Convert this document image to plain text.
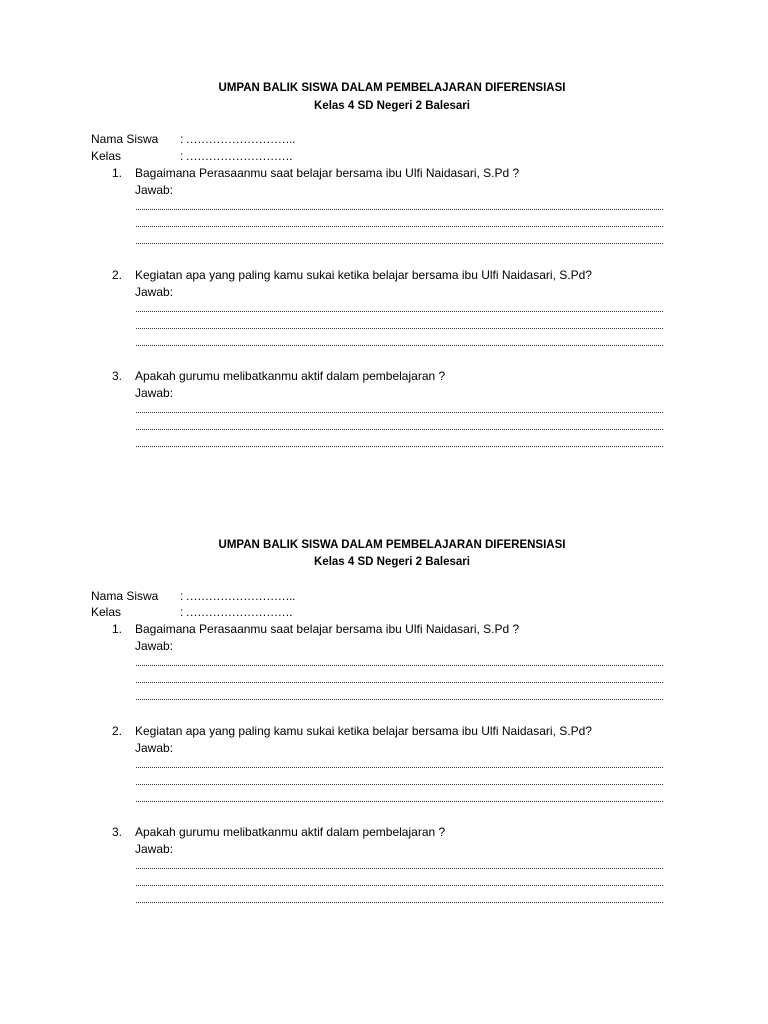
UMPAN BALIK SISWA DALAM PEMBELAJARAN DIFERENSIASI
Kelas 4 SD Negeri 2 Balesari
Nama Siswa : ………………………..
Kelas	: ……………………….
1. Bagaimana Perasaanmu saat belajar bersama ibu Ulfi Naidasari, S.Pd ?
Jawab:
2. Kegiatan apa yang paling kamu sukai ketika belajar bersama ibu Ulfi Naidasari, S.Pd?
Jawab:
3. Apakah gurumu melibatkanmu aktif dalam pembelajaran ?
Jawab:
UMPAN BALIK SISWA DALAM PEMBELAJARAN DIFERENSIASI
Kelas 4 SD Negeri 2 Balesari
Nama Siswa : ………………………..
Kelas	: ……………………….
1. Bagaimana Perasaanmu saat belajar bersama ibu Ulfi Naidasari, S.Pd ?
Jawab:
2. Kegiatan apa yang paling kamu sukai ketika belajar bersama ibu Ulfi Naidasari, S.Pd?
Jawab:
3. Apakah gurumu melibatkanmu aktif dalam pembelajaran ?
Jawab:
